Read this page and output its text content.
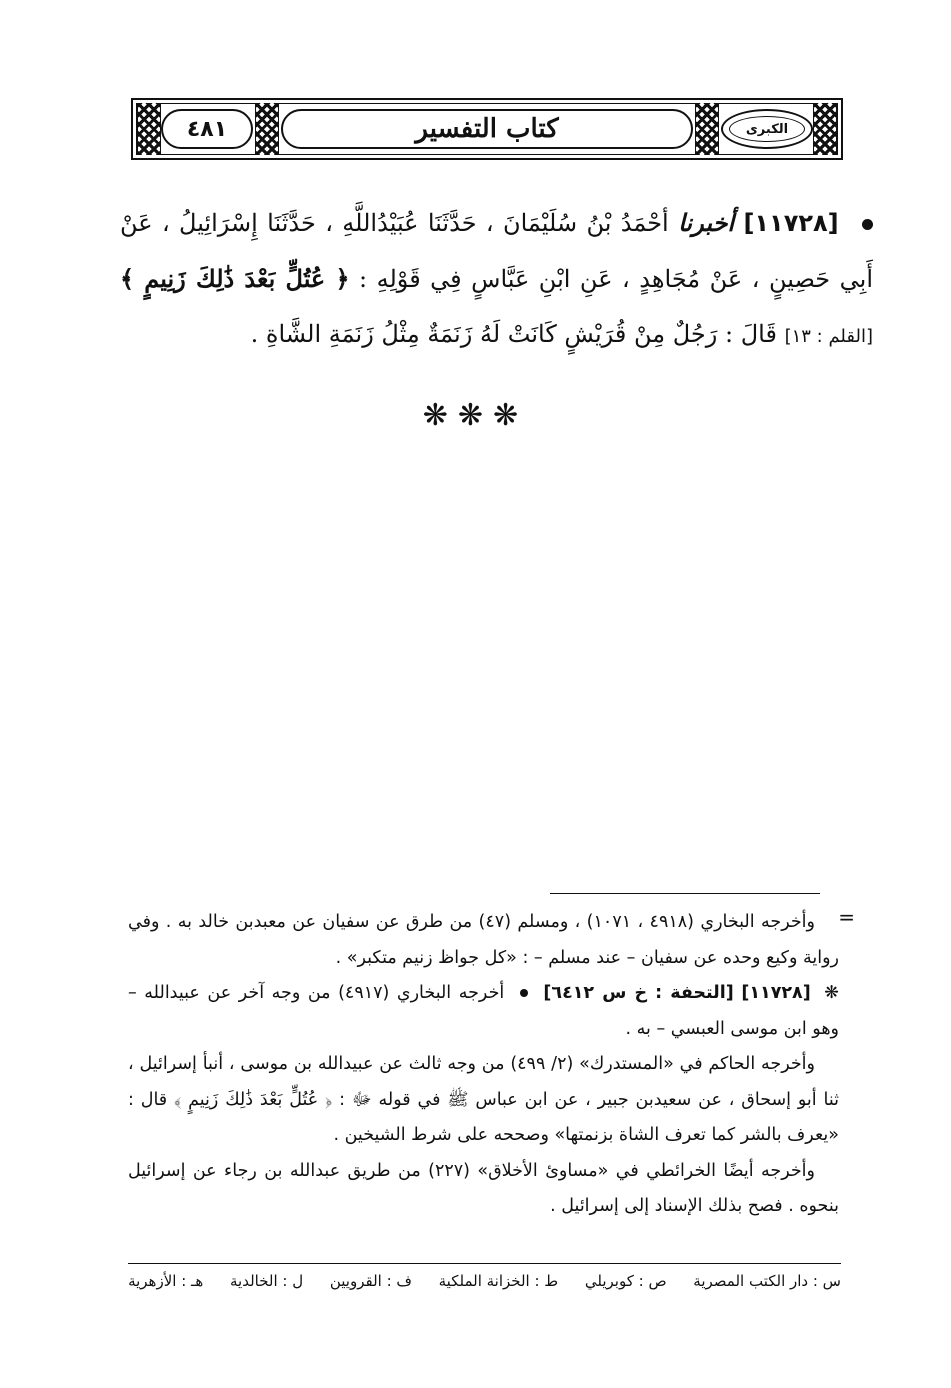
الكبرى
كتاب التفسير
٤٨١

[١١٧٢٨] أخبرنا أحْمَدُ بْنُ سُلَيْمَانَ ، حَدَّثَنَا عُبَيْدُاللَّهِ ، حَدَّثَنَا إِسْرَائِيلُ ، عَنْ أَبِي حَصِينٍ ، عَنْ مُجَاهِدٍ ، عَنِ ابْنِ عَبَّاسٍ فِي قَوْلِهِ : ﴿ عُتُلٍّ بَعْدَ ذَٰلِكَ زَنِيمٍ ﴾ [القلم : ١٣] قَالَ : رَجُلٌ مِنْ قُرَيْشٍ كَانَتْ لَهُ زَنَمَةٌ مِثْلُ زَنَمَةِ الشَّاةِ .

❋❋❋
=

وأخرجه البخاري (٤٩١٨ ، ١٠٧١) ، ومسلم (٤٧) من طرق عن سفيان عن معبدبن خالد به . وفي رواية وكيع وحده عن سفيان – عند مسلم – : «كل جواظ زنيم متكبر» .

❋ [١١٧٢٨] [التحفة : خ س ٦٤١٢]  أخرجه البخاري (٤٩١٧) من وجه آخر عن عبيدالله – وهو ابن موسى العبسي – به .

وأخرجه الحاكم في «المستدرك» (٢/ ٤٩٩) من وجه ثالث عن عبيدالله بن موسى ، أنبأ إسرائيل ، ثنا أبو إسحاق ، عن سعيدبن جبير ، عن ابن عباس ﷺ في قوله ﷻ : ﴿ عُتُلٍّ بَعْدَ ذَٰلِكَ زَنِيمٍ ﴾ قال : «يعرف بالشر كما تعرف الشاة بزنمتها» وصححه على شرط الشيخين .

وأخرجه أيضًا الخرائطي في «مساوئ الأخلاق» (٢٢٧) من طريق عبدالله بن رجاء عن إسرائيل بنحوه . فصح بذلك الإسناد إلى إسرائيل .

س : دار الكتب المصرية
ص : كوبريلي
ط : الخزانة الملكية
ف : القرويين
ل : الخالدية
هـ : الأزهرية
